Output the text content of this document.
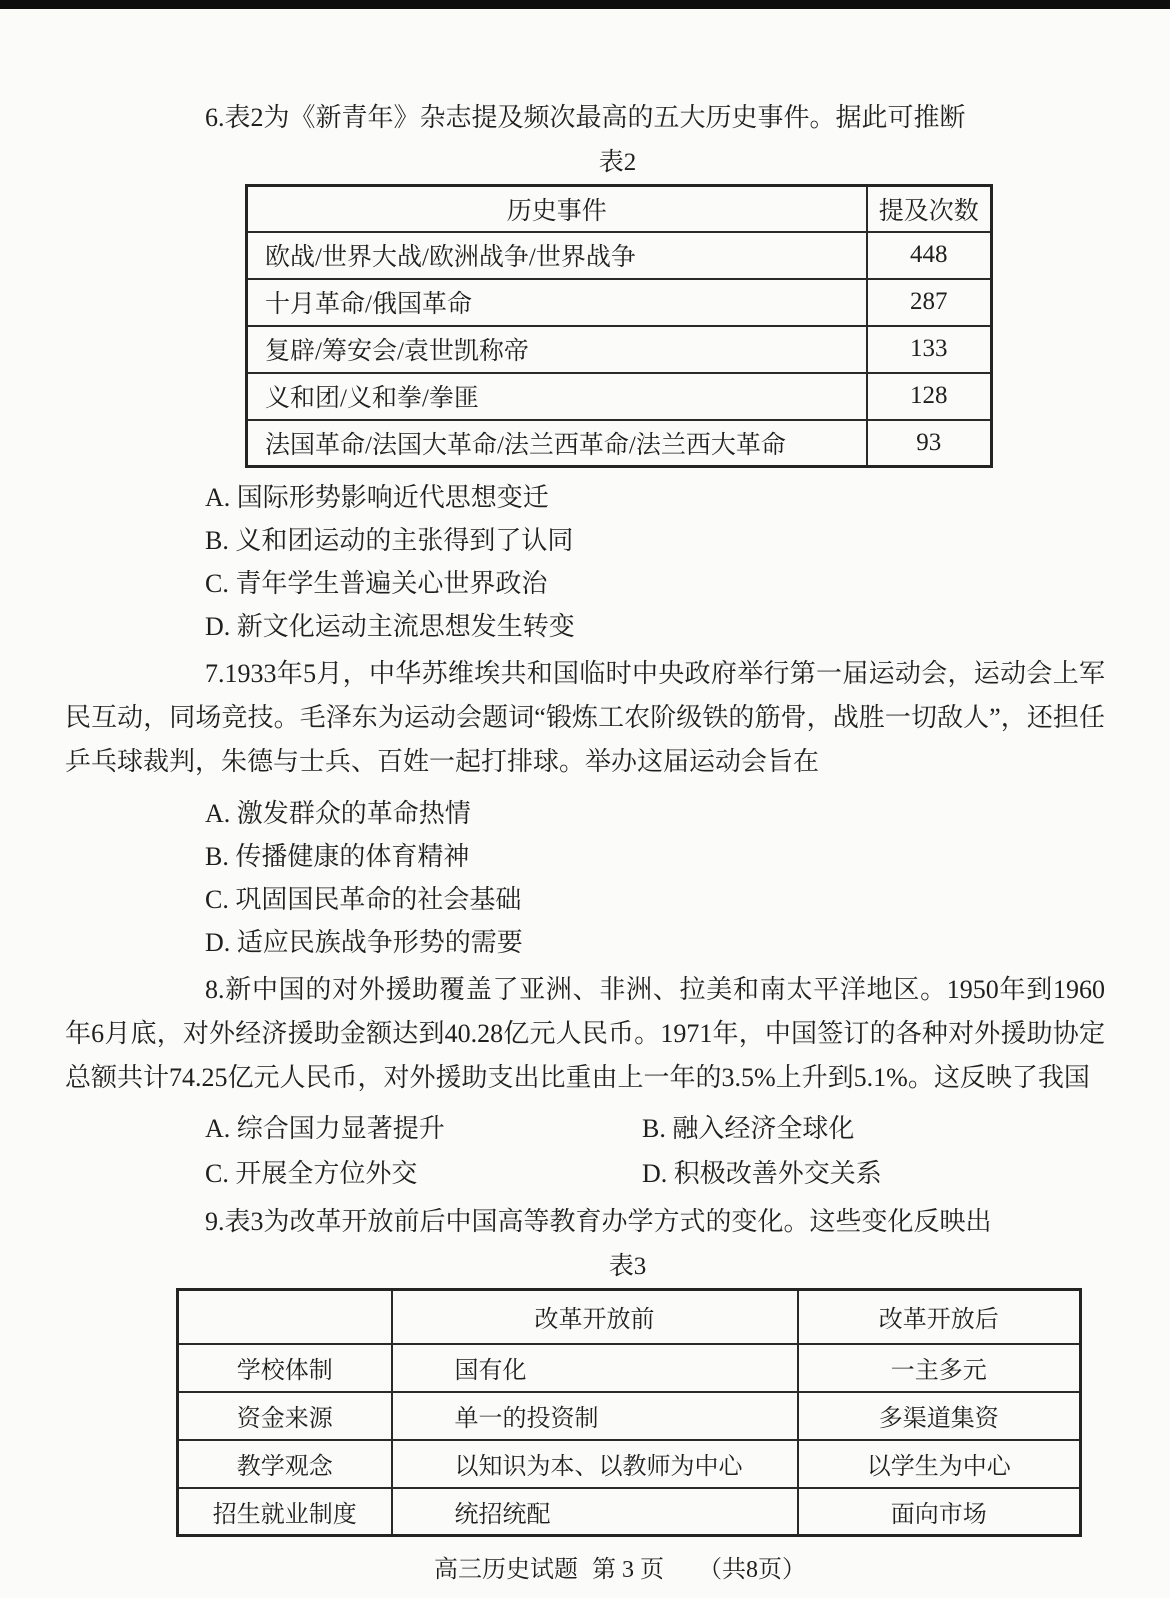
6.表2为《新青年》杂志提及频次最高的五大历史事件。据此可推断

表2
历史事件	提及次数
欧战/世界大战/欧洲战争/世界战争	448
十月革命/俄国革命	287
复辟/筹安会/袁世凯称帝	133
义和团/义和拳/拳匪	128
法国革命/法国大革命/法兰西革命/法兰西大革命	93
A. 国际形势影响近代思想变迁
B. 义和团运动的主张得到了认同
C. 青年学生普遍关心世界政治
D. 新文化运动主流思想发生转变

7.1933年5月，中华苏维埃共和国临时中央政府举行第一届运动会，运动会上军民互动，同场竞技。毛泽东为运动会题词“锻炼工农阶级铁的筋骨，战胜一切敌人”，还担任乒乓球裁判，朱德与士兵、百姓一起打排球。举办这届运动会旨在

A. 激发群众的革命热情
B. 传播健康的体育精神
C. 巩固国民革命的社会基础
D. 适应民族战争形势的需要

8.新中国的对外援助覆盖了亚洲、非洲、拉美和南太平洋地区。1950年到1960年6月底，对外经济援助金额达到40.28亿元人民币。1971年，中国签订的各种对外援助协定总额共计74.25亿元人民币，对外援助支出比重由上一年的3.5%上升到5.1%。这反映了我国

A. 综合国力显著提升	B. 融入经济全球化
C. 开展全方位外交	D. 积极改善外交关系

9.表3为改革开放前后中国高等教育办学方式的变化。这些变化反映出

表3
	改革开放前	改革开放后
学校体制	国有化	一主多元
资金来源	单一的投资制	多渠道集资
教学观念	以知识为本、以教师为中心	以学生为中心
招生就业制度	统招统配	面向市场
高三历史试题 第 3 页 （共8页）
